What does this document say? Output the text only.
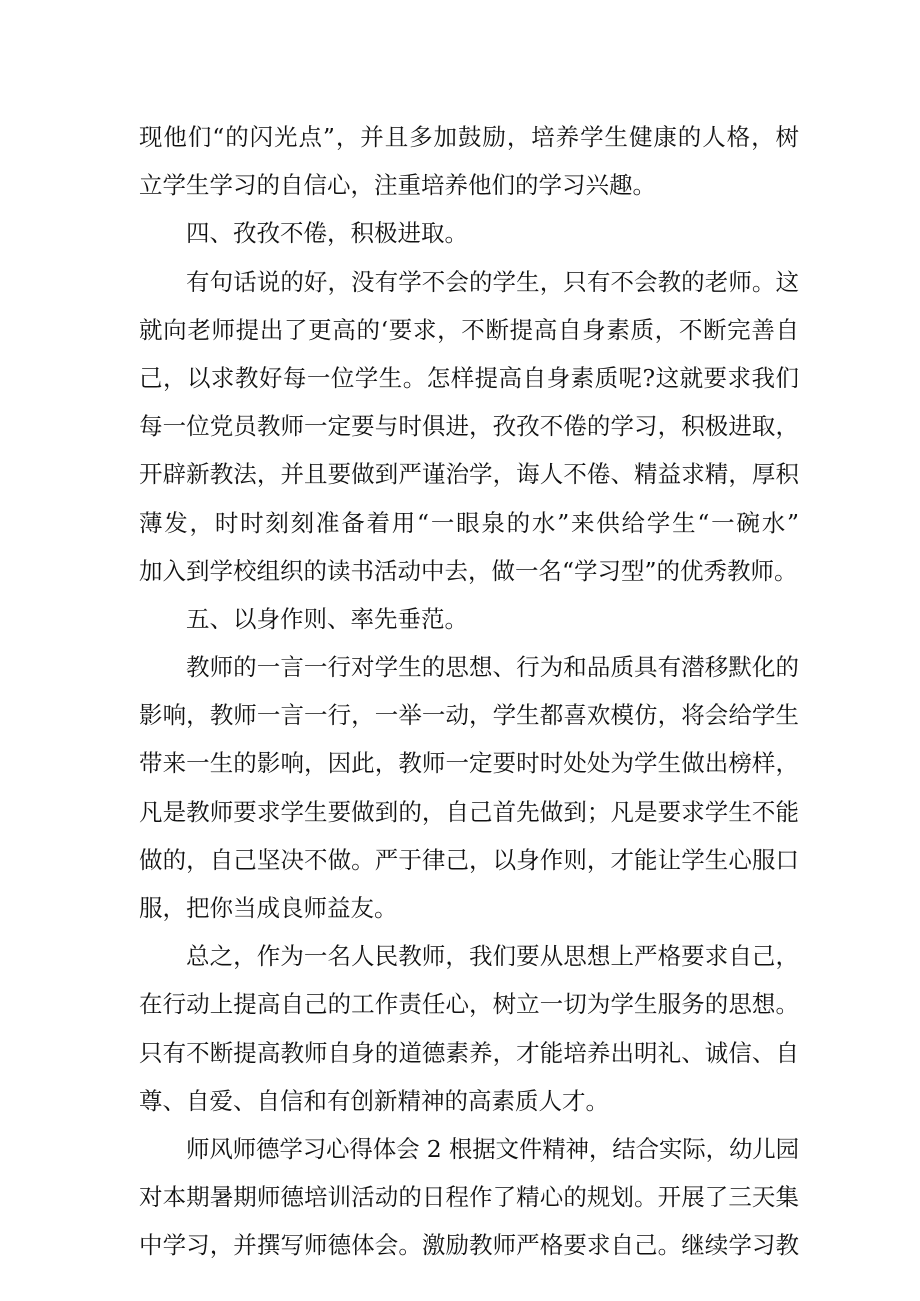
现他们“的闪光点”，并且多加鼓励，培养学生健康的人格，树
立学生学习的自信心，注重培养他们的学习兴趣。
四、孜孜不倦，积极进取。
有句话说的好，没有学不会的学生，只有不会教的老师。这
就向老师提出了更高的‘要求，不断提高自身素质，不断完善自
己，以求教好每一位学生。怎样提高自身素质呢?这就要求我们
每一位党员教师一定要与时俱进，孜孜不倦的学习，积极进取，
开辟新教法，并且要做到严谨治学，诲人不倦、精益求精，厚积
薄发，时时刻刻准备着用“一眼泉的水”来供给学生“一碗水”
加入到学校组织的读书活动中去，做一名“学习型”的优秀教师。
五、以身作则、率先垂范。
教师的一言一行对学生的思想、行为和品质具有潜移默化的
影响，教师一言一行，一举一动，学生都喜欢模仿，将会给学生
带来一生的影响，因此，教师一定要时时处处为学生做出榜样，
凡是教师要求学生要做到的，自己首先做到；凡是要求学生不能
做的，自己坚决不做。严于律己，以身作则，才能让学生心服口
服，把你当成良师益友。
总之，作为一名人民教师，我们要从思想上严格要求自己，
在行动上提高自己的工作责任心，树立一切为学生服务的思想。
只有不断提高教师自身的道德素养，才能培养出明礼、诚信、自
尊、自爱、自信和有创新精神的高素质人才。
师风师德学习心得体会 2 根据文件精神，结合实际，幼儿园
对本期暑期师德培训活动的日程作了精心的规划。开展了三天集
中学习，并撰写师德体会。激励教师严格要求自己。继续学习教
